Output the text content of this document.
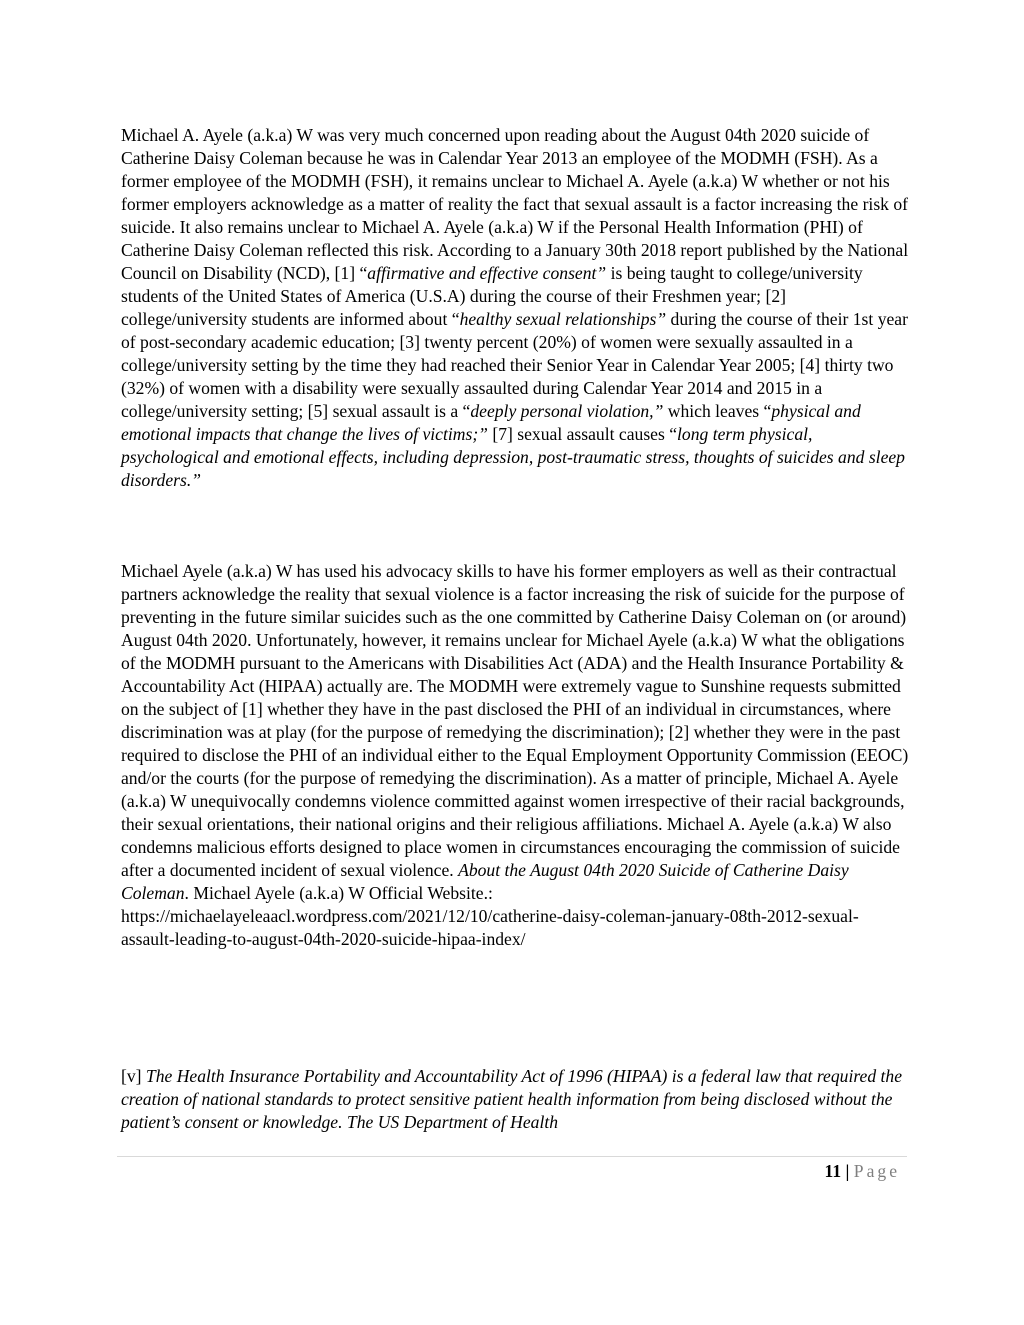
Michael A. Ayele (a.k.a) W was very much concerned upon reading about the August 04th 2020 suicide of Catherine Daisy Coleman because he was in Calendar Year 2013 an employee of the MODMH (FSH). As a former employee of the MODMH (FSH), it remains unclear to Michael A. Ayele (a.k.a) W whether or not his former employers acknowledge as a matter of reality the fact that sexual assault is a factor increasing the risk of suicide. It also remains unclear to Michael A. Ayele (a.k.a) W if the Personal Health Information (PHI) of Catherine Daisy Coleman reflected this risk. According to a January 30th 2018 report published by the National Council on Disability (NCD), [1] “affirmative and effective consent” is being taught to college/university students of the United States of America (U.S.A) during the course of their Freshmen year; [2] college/university students are informed about “healthy sexual relationships” during the course of their 1st year of post-secondary academic education; [3] twenty percent (20%) of women were sexually assaulted in a college/university setting by the time they had reached their Senior Year in Calendar Year 2005; [4] thirty two (32%) of women with a disability were sexually assaulted during Calendar Year 2014 and 2015 in a college/university setting; [5] sexual assault is a “deeply personal violation,” which leaves “physical and emotional impacts that change the lives of victims;” [7] sexual assault causes “long term physical, psychological and emotional effects, including depression, post-traumatic stress, thoughts of suicides and sleep disorders.”

Michael Ayele (a.k.a) W has used his advocacy skills to have his former employers as well as their contractual partners acknowledge the reality that sexual violence is a factor increasing the risk of suicide for the purpose of preventing in the future similar suicides such as the one committed by Catherine Daisy Coleman on (or around) August 04th 2020. Unfortunately, however, it remains unclear for Michael Ayele (a.k.a) W what the obligations of the MODMH pursuant to the Americans with Disabilities Act (ADA) and the Health Insurance Portability & Accountability Act (HIPAA) actually are. The MODMH were extremely vague to Sunshine requests submitted on the subject of [1] whether they have in the past disclosed the PHI of an individual in circumstances, where discrimination was at play (for the purpose of remedying the discrimination); [2] whether they were in the past required to disclose the PHI of an individual either to the Equal Employment Opportunity Commission (EEOC) and/or the courts (for the purpose of remedying the discrimination). As a matter of principle, Michael A. Ayele (a.k.a) W unequivocally condemns violence committed against women irrespective of their racial backgrounds, their sexual orientations, their national origins and their religious affiliations. Michael A. Ayele (a.k.a) W also condemns malicious efforts designed to place women in circumstances encouraging the commission of suicide after a documented incident of sexual violence. About the August 04th 2020 Suicide of Catherine Daisy Coleman. Michael Ayele (a.k.a) W Official Website.: https://michaelayeleaacl.wordpress.com/2021/12/10/catherine-daisy-coleman-january-08th-2012-sexual-assault-leading-to-august-04th-2020-suicide-hipaa-index/

[v] The Health Insurance Portability and Accountability Act of 1996 (HIPAA) is a federal law that required the creation of national standards to protect sensitive patient health information from being disclosed without the patient’s consent or knowledge. The US Department of Health

11 | Page
